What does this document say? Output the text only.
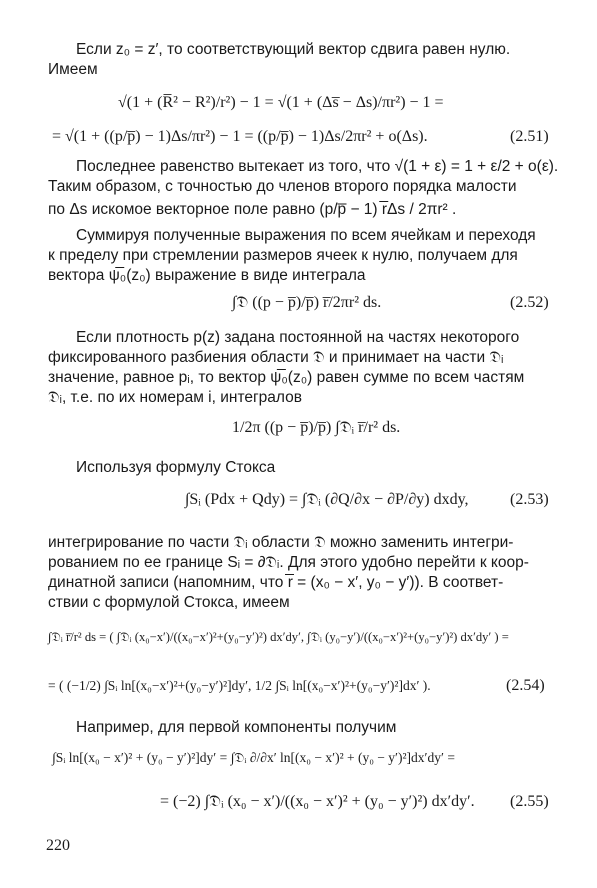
Если z₀ = z′, то соответствующий вектор сдвига равен нулю.
Имеем
√(1 + (R̅² − R²)/r²) − 1 = √(1 + (Δs̅ − Δs)/πr²) − 1 =
= √(1 + ((p/p̅) − 1)Δs/πr²) − 1 = ((p/p̅) − 1)Δs/2πr² + o(Δs).	(2.51)
Последнее равенство вытекает из того, что √(1 + ε) = 1 + ε/2 + o(ε).
Таким образом, с точностью до членов второго порядка малости
по Δs искомое векторное поле равно (p/p̅ − 1) r̅Δs / 2πr² .
Суммируя полученные выражения по всем ячейкам и переходя
к пределу при стремлении размеров ячеек к нулю, получаем для
вектора ψ̅₀(z₀) выражение в виде интеграла
∫𝔇 ((p − p̅)/p̅) r̅/2πr² ds.	(2.52)
Если плотность p(z) задана постоянной на частях некоторого
фиксированного разбиения области 𝔇 и принимает на части 𝔇ᵢ
значение, равное pᵢ, то вектор ψ̅₀(z₀) равен сумме по всем частям
𝔇ᵢ, т.е. по их номерам i, интегралов
1/2π ((p − p̅)/p̅) ∫𝔇ᵢ r̅/r² ds.
Используя формулу Стокса
∫Sᵢ (Pdx + Qdy) = ∫𝔇ᵢ (∂Q/∂x − ∂P/∂y) dxdy,	(2.53)
интегрирование по части 𝔇ᵢ области 𝔇 можно заменить интегри-
рованием по ее границе Sᵢ = ∂𝔇ᵢ. Для этого удобно перейти к коор-
динатной записи (напомним, что r̅ = (x₀ − x′, y₀ − y′)). В соответ-
ствии с формулой Стокса, имеем
∫𝔇ᵢ r̅/r² ds = ( ∫𝔇ᵢ (x₀−x′)/((x₀−x′)²+(y₀−y′)²) dx′dy′, ∫𝔇ᵢ (y₀−y′)/((x₀−x′)²+(y₀−y′)²) dx′dy′ ) =
= ( (−1/2) ∫Sᵢ ln[(x₀−x′)²+(y₀−y′)²]dy′, 1/2 ∫Sᵢ ln[(x₀−x′)²+(y₀−y′)²]dx′ ).	(2.54)
Например, для первой компоненты получим
∫Sᵢ ln[(x₀ − x′)² + (y₀ − y′)²]dy′ = ∫𝔇ᵢ ∂/∂x′ ln[(x₀ − x′)² + (y₀ − y′)²]dx′dy′ =
= (−2) ∫𝔇ᵢ (x₀ − x′)/((x₀ − x′)² + (y₀ − y′)²) dx′dy′. (2.55)
220
